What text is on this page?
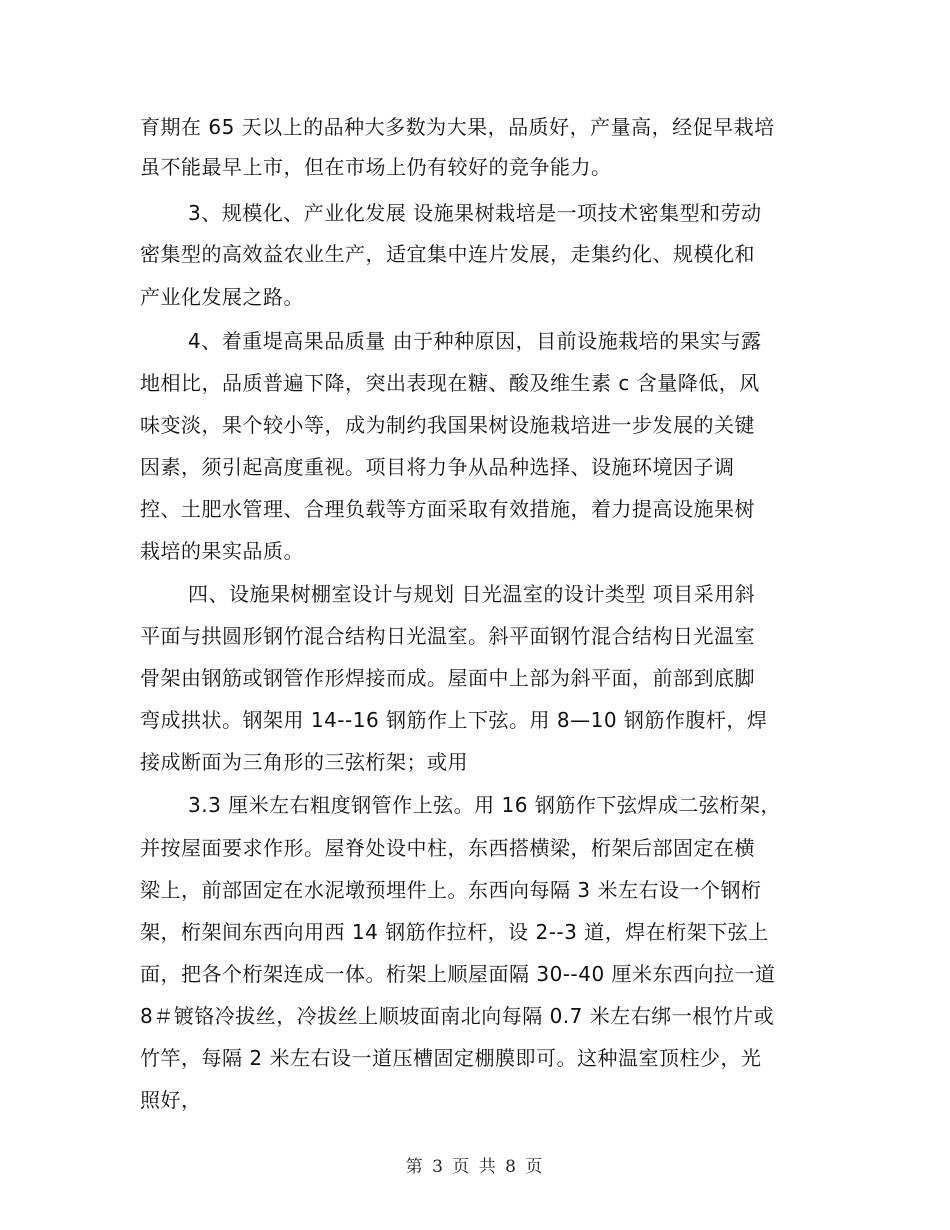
育期在 65 天以上的品种大多数为大果，品质好，产量高，经促早栽培
虽不能最早上市，但在市场上仍有较好的竞争能力。
3、规模化、产业化发展 设施果树栽培是一项技术密集型和劳动
密集型的高效益农业生产，适宜集中连片发展，走集约化、规模化和
产业化发展之路。
4、着重堤高果品质量 由于种种原因，目前设施栽培的果实与露
地相比，品质普遍下降，突出表现在糖、酸及维生素 c 含量降低，风
味变淡，果个较小等，成为制约我国果树设施栽培进一步发展的关键
因素，须引起高度重视。项目将力争从品种选择、设施环境因子调
控、土肥水管理、合理负载等方面采取有效措施，着力提高设施果树
栽培的果实品质。
四、设施果树棚室设计与规划 日光温室的设计类型 项目采用斜
平面与拱圆形钢竹混合结构日光温室。斜平面钢竹混合结构日光温室
骨架由钢筋或钢管作形焊接而成。屋面中上部为斜平面，前部到底脚
弯成拱状。钢架用 14--16 钢筋作上下弦。用 8—10 钢筋作腹杆，焊
接成断面为三角形的三弦桁架；或用
3.3 厘米左右粗度钢管作上弦。用 16 钢筋作下弦焊成二弦桁架，
并按屋面要求作形。屋脊处设中柱，东西搭横梁，桁架后部固定在横
梁上，前部固定在水泥墩预埋件上。东西向每隔 3 米左右设一个钢桁
架，桁架间东西向用西 14 钢筋作拉杆，设 2--3 道，焊在桁架下弦上
面，把各个桁架连成一体。桁架上顺屋面隔 30--40 厘米东西向拉一道
8＃镀铬冷拔丝，冷拔丝上顺坡面南北向每隔 0.7 米左右绑一根竹片或
竹竿，每隔 2 米左右设一道压槽固定棚膜即可。这种温室顶柱少，光
照好，
第 3 页 共 8 页
